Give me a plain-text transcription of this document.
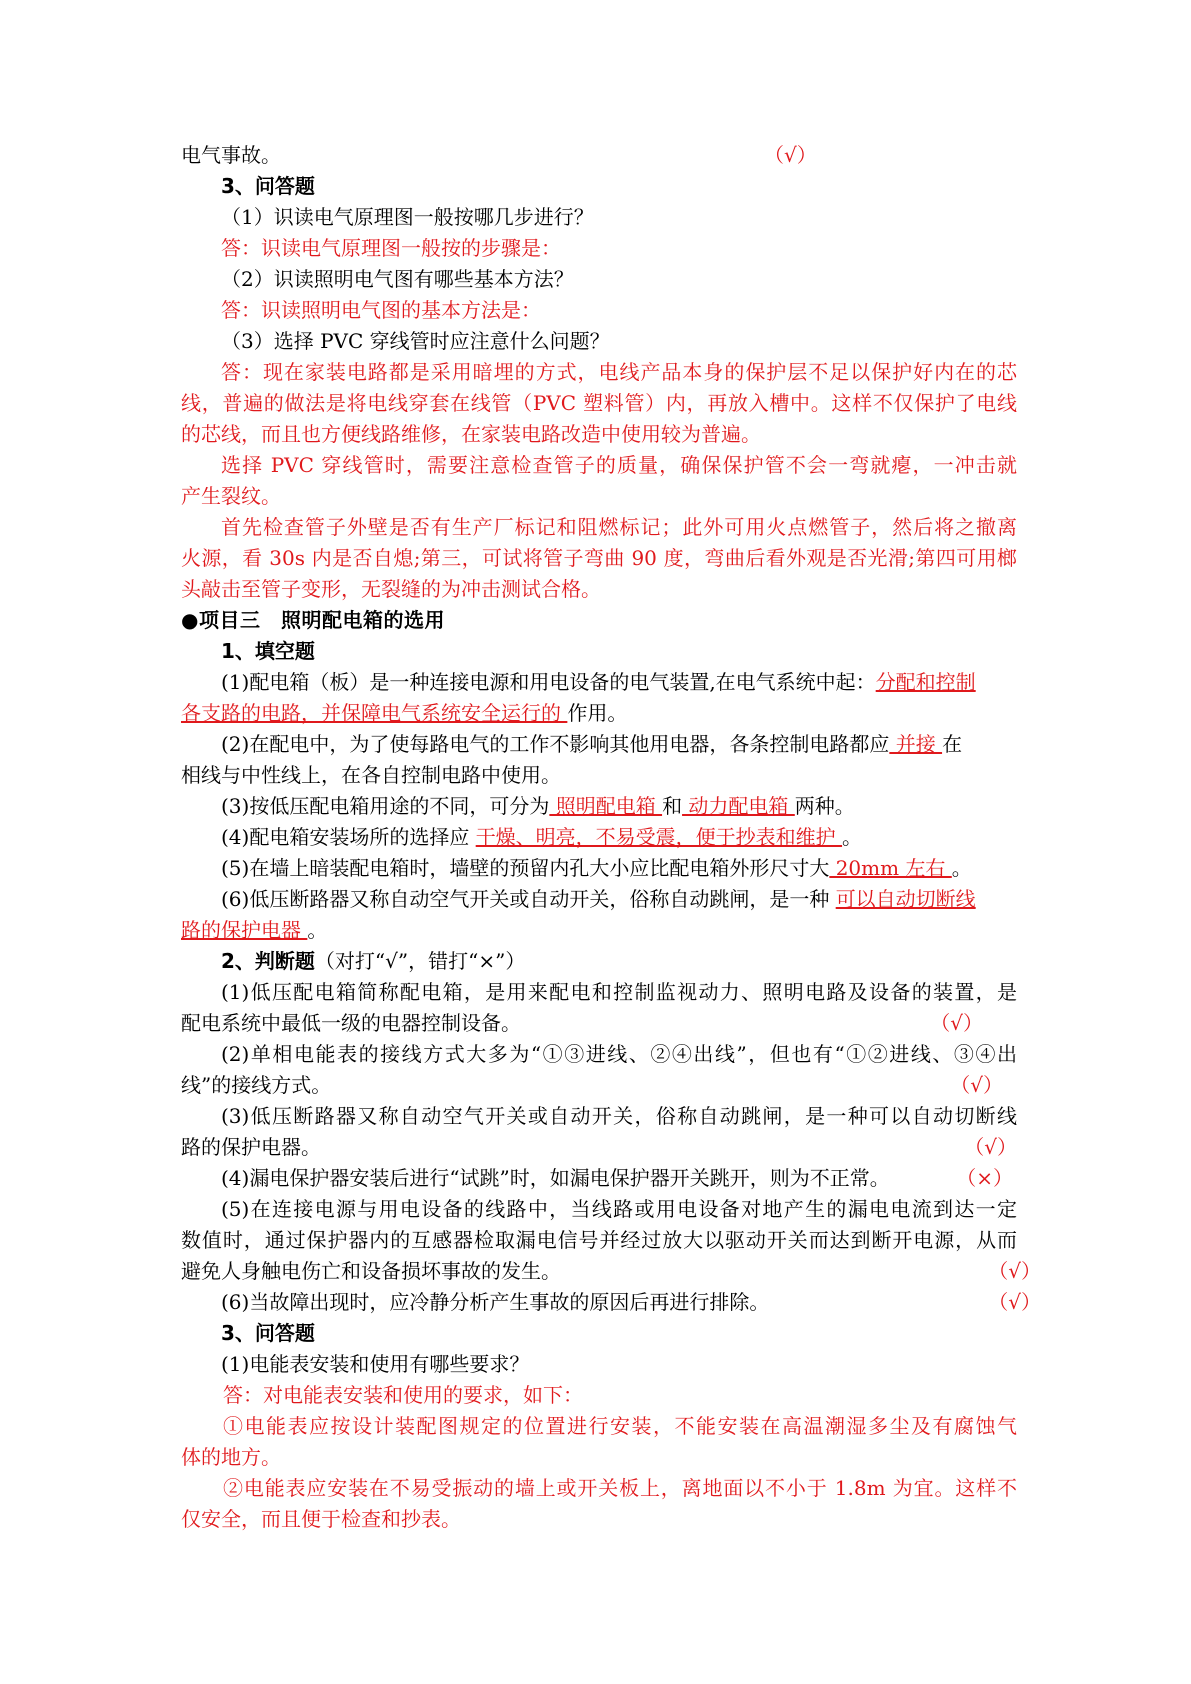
电气事故。	（√）
3、问答题
（1）识读电气原理图一般按哪几步进行？
答：识读电气原理图一般按的步骤是：
（2）识读照明电气图有哪些基本方法？
答：识读照明电气图的基本方法是：
（3）选择 PVC 穿线管时应注意什么问题？
答：现在家装电路都是采用暗埋的方式，电线产品本身的保护层不足以保护好内在的芯
线，普遍的做法是将电线穿套在线管（PVC 塑料管）内，再放入槽中。这样不仅保护了电线
的芯线，而且也方便线路维修，在家装电路改造中使用较为普遍。
选择 PVC 穿线管时，需要注意检查管子的质量，确保保护管不会一弯就瘪，一冲击就
产生裂纹。
首先检查管子外壁是否有生产厂标记和阻燃标记；此外可用火点燃管子，然后将之撤离
火源，看 30s 内是否自熄;第三，可试将管子弯曲 90 度，弯曲后看外观是否光滑;第四可用榔
头敲击至管子变形，无裂缝的为冲击测试合格。
●项目三　照明配电箱的选用
1、填空题
(1)配电箱（板）是一种连接电源和用电设备的电气装置,在电气系统中起：分配和控制
各支路的电路，并保障电气系统安全运行的 作用。
(2)在配电中，为了使每路电气的工作不影响其他用电器，各条控制电路都应 并接 在
相线与中性线上，在各自控制电路中使用。
(3)按低压配电箱用途的不同，可分为 照明配电箱 和 动力配电箱 两种。
(4)配电箱安装场所的选择应 干燥、明亮，不易受震，便于抄表和维护 。
(5)在墙上暗装配电箱时，墙壁的预留内孔大小应比配电箱外形尺寸大 20mm 左右 。
(6)低压断路器又称自动空气开关或自动开关，俗称自动跳闸，是一种 可以自动切断线
路的保护电器 。
2、判断题（对打“√”，错打“×”）
(1)低压配电箱简称配电箱，是用来配电和控制监视动力、照明电路及设备的装置，是
配电系统中最低一级的电器控制设备。	（√）
(2)单相电能表的接线方式大多为“①③进线、②④出线”，但也有“①②进线、③④出
线”的接线方式。	（√）
(3)低压断路器又称自动空气开关或自动开关，俗称自动跳闸，是一种可以自动切断线
路的保护电器。	（√）
(4)漏电保护器安装后进行“试跳”时，如漏电保护器开关跳开，则为不正常。	（×）
(5)在连接电源与用电设备的线路中，当线路或用电设备对地产生的漏电电流到达一定
数值时，通过保护器内的互感器检取漏电信号并经过放大以驱动开关而达到断开电源，从而
避免人身触电伤亡和设备损坏事故的发生。	（√）
(6)当故障出现时，应冷静分析产生事故的原因后再进行排除。	（√）
3、问答题
(1)电能表安装和使用有哪些要求？
答：对电能表安装和使用的要求，如下：
①电能表应按设计装配图规定的位置进行安装，不能安装在高温潮湿多尘及有腐蚀气
体的地方。
②电能表应安装在不易受振动的墙上或开关板上，离地面以不小于 1.8m 为宜。这样不
仅安全，而且便于检查和抄表。
